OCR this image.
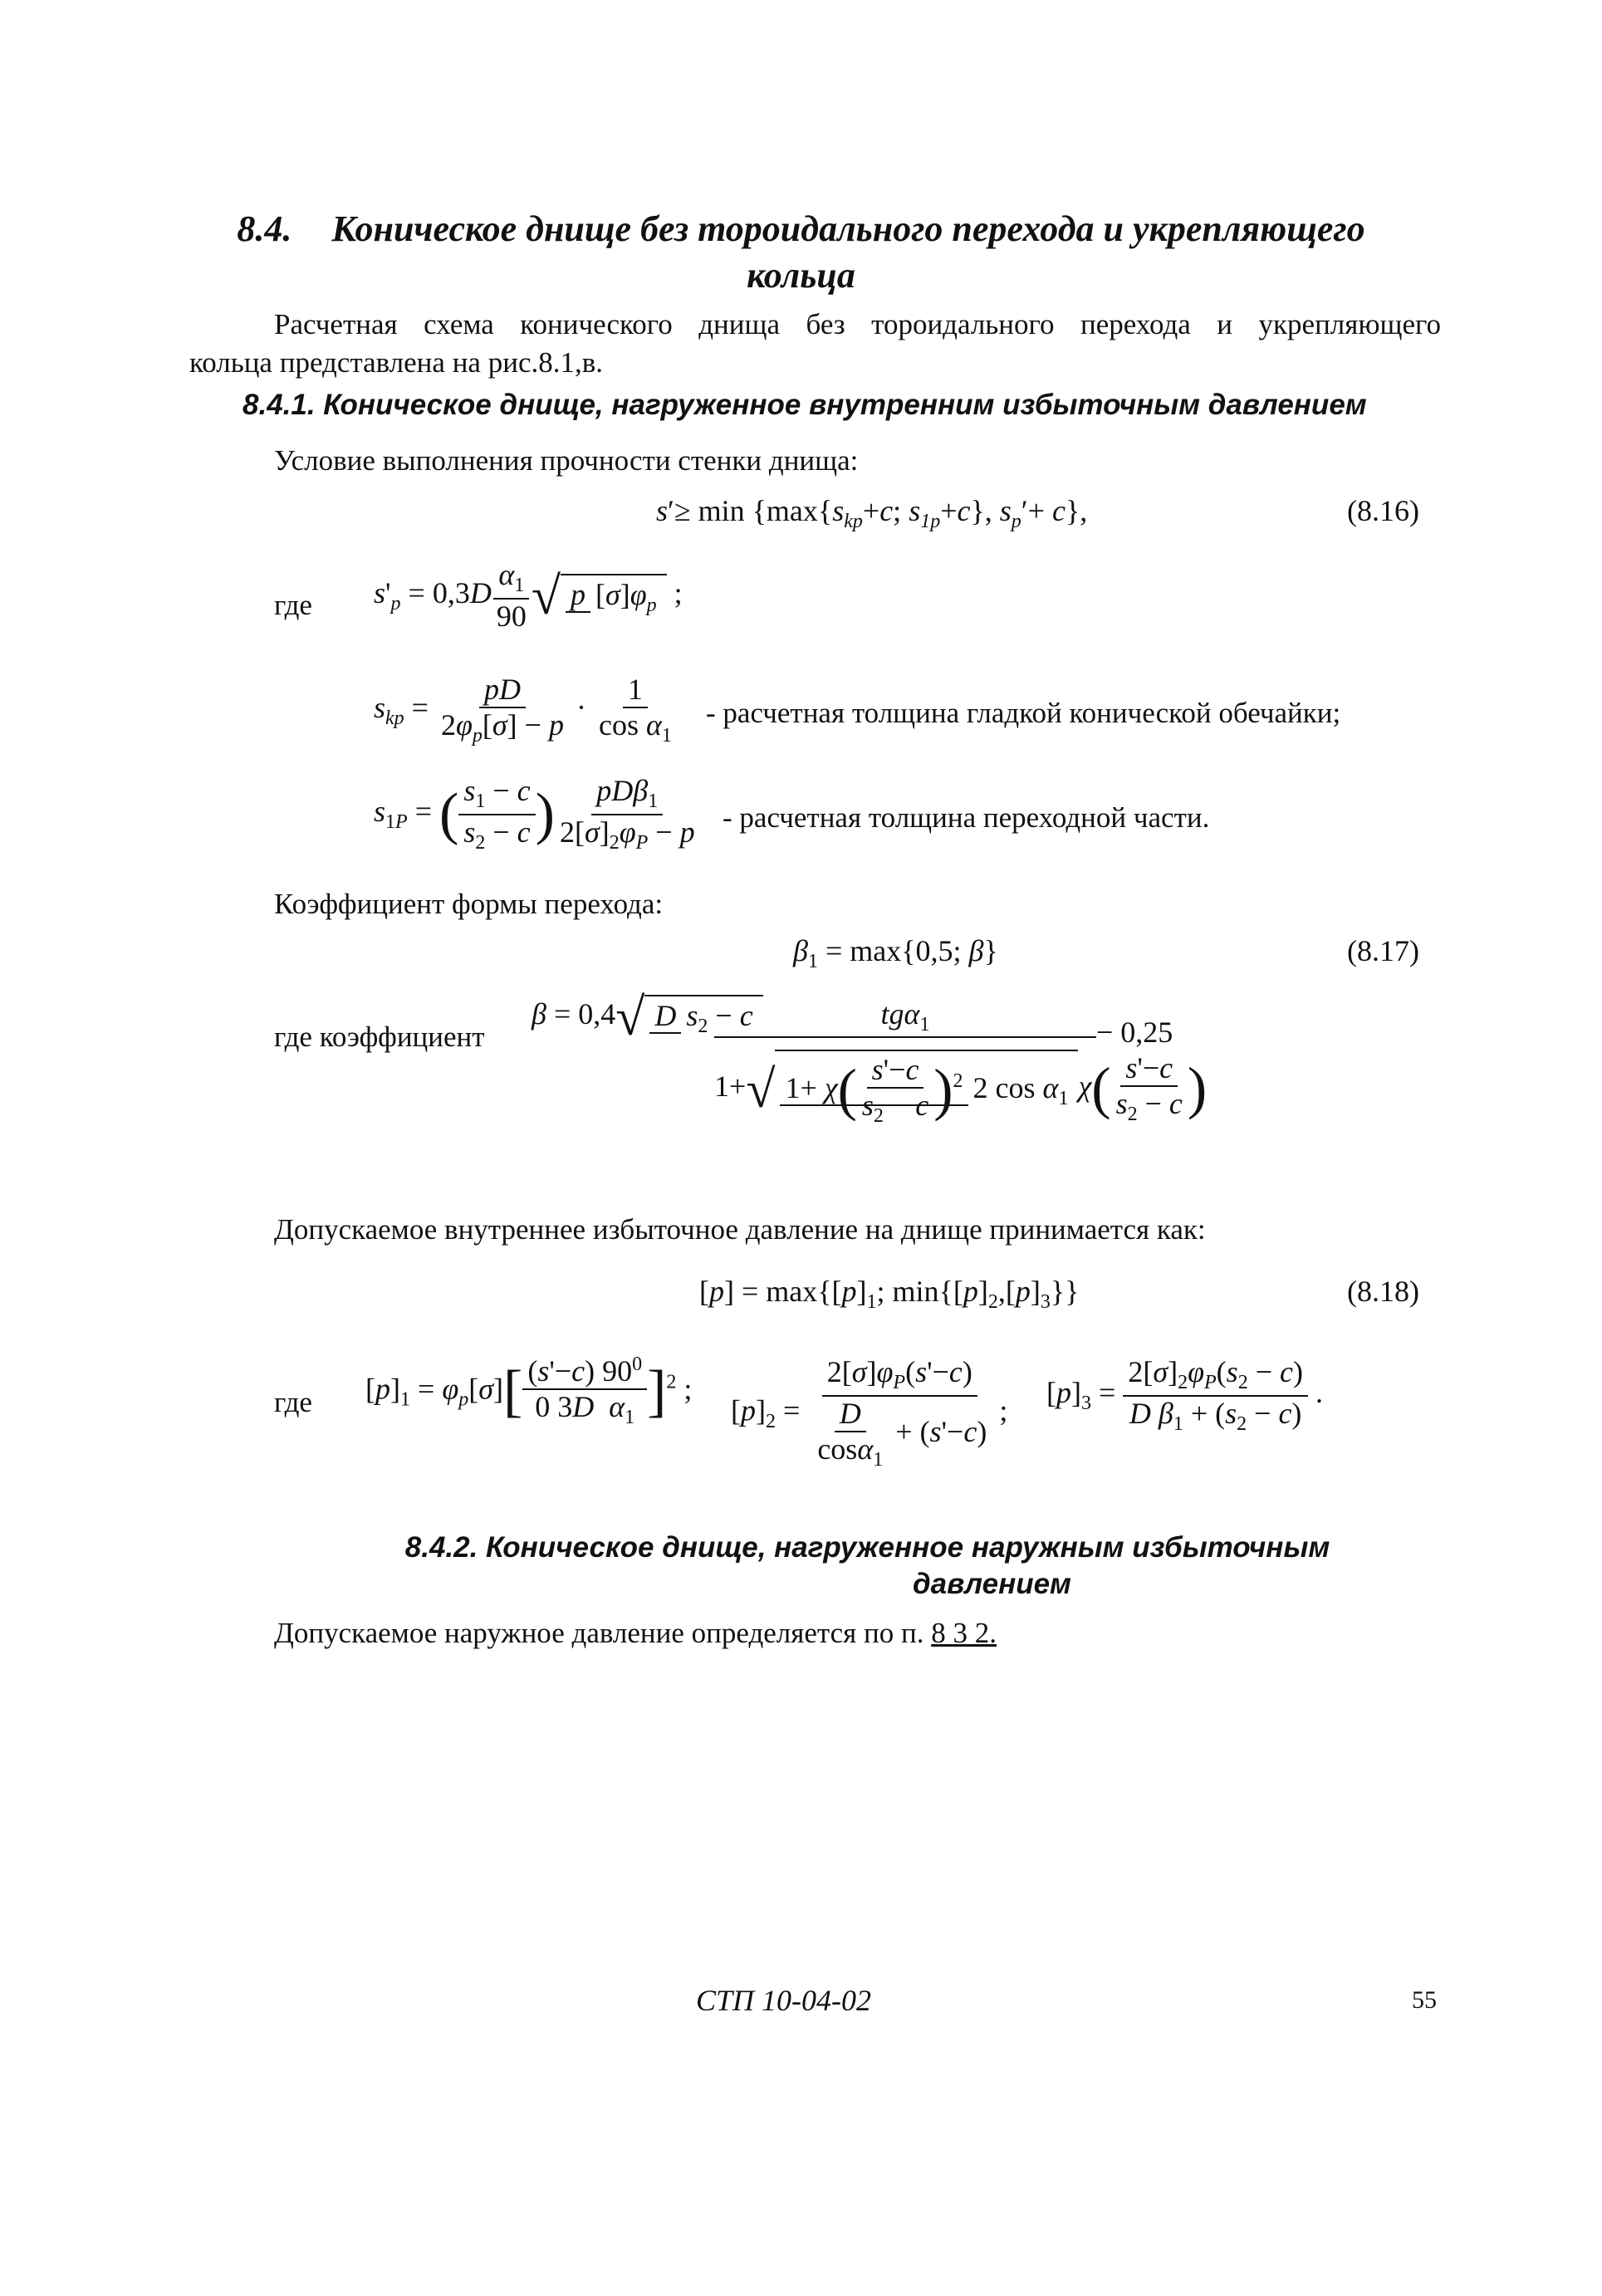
8.4. Коническое днище без тороидального перехода и укрепляющего
кольца
Расчетная схема конического днища без тороидального перехода и укрепляющего
кольца представлена на рис.8.1,в.
8.4.1. Коническое днище, нагруженное внутренним избыточным давлением
Условие выполнения прочности стенки днища:
$s'\ge \min \{\max\{s_{kp}+c$; $s_{1p}+c$}, $s_p'+ c$},	(8.16)
где $s'_p = 0,3D \frac{\alpha_1}{90}$ √ p $[\sigma]\varphi_p$ ;
$s_{kp} = \frac{pD}{2\varphi_p[\sigma] - p} \cdot \frac{1}{\cos \alpha_1}$ - расчетная толщина гладкой конической обечайки;
$s_{1P}$ = ( $\frac{s_1 - c}{s_2 - c}$ ) $\frac{pD\beta_1}{2[\sigma]_2\varphi_P - p}$ - расчетная толщина переходной части.
Коэффициент формы перехода:
$\beta_1 = \max\{0,5$; β}	(8.17)
где коэффициент
β = 0,4√ D $s_2 - c$	tgα$_1$	− 0,25
1+√ $1+ \chi( \frac{s'-c}{s_2 - c} )^2$ 2 $\cos \alpha_1$ $\chi( \frac{s'-c}{s_2 - c}$ )
Допускаемое внутреннее избыточное давление на днище принимается как:
$[p] = \max\{[p]_1$; $\min\{[p]_2,[p]_3\}$}	(8.18)
где $[p]_1 = \varphi_p[\sigma][ \frac{(s'-c) 90^0}{0 3D \alpha_1} ]^2$ ;
$[p]_2 = \frac{2[\sigma]\varphi_P(s'-c)}{\frac{D}{\cos\alpha_1} + (s'-c)}$ ;
$[p]_3 = \frac{2[\sigma]_2\varphi_P(s_2 - c)}{D \beta_1 + (s_2 - c)}$ .
8.4.2. Коническое днище, нагруженное наружным избыточным
давлением
Допускаемое наружное давление определяется по п. 8 3 2.
СТП 10-04-02	55
